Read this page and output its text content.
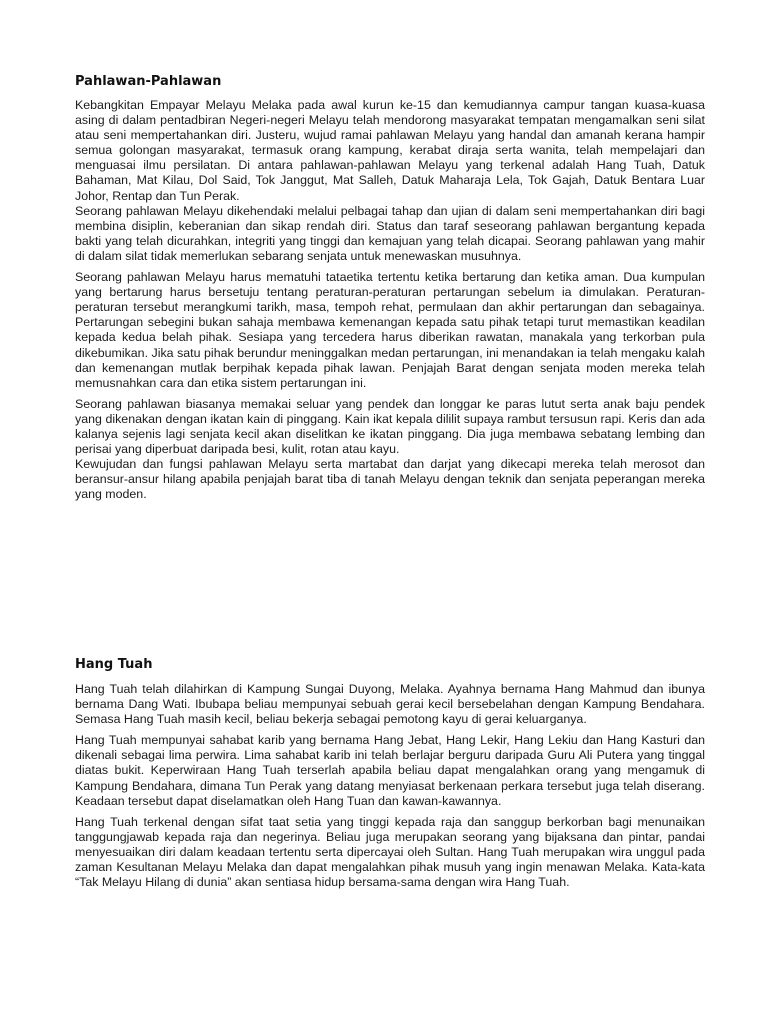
Pahlawan-Pahlawan

Kebangkitan Empayar Melayu Melaka pada awal kurun ke-15 dan kemudiannya campur tangan kuasa-kuasa asing di dalam pentadbiran Negeri-negeri Melayu telah mendorong masyarakat tempatan mengamalkan seni silat atau seni mempertahankan diri. Justeru, wujud ramai pahlawan Melayu yang handal dan amanah kerana hampir semua golongan masyarakat, termasuk orang kampung, kerabat diraja serta wanita, telah mempelajari dan menguasai ilmu persilatan. Di antara pahlawan-pahlawan Melayu yang terkenal adalah Hang Tuah, Datuk Bahaman, Mat Kilau, Dol Said, Tok Janggut, Mat Salleh, Datuk Maharaja Lela, Tok Gajah, Datuk Bentara Luar Johor, Rentap dan Tun Perak.

Seorang pahlawan Melayu dikehendaki melalui pelbagai tahap dan ujian di dalam seni mempertahankan diri bagi membina disiplin, keberanian dan sikap rendah diri. Status dan taraf seseorang pahlawan bergantung kepada bakti yang telah dicurahkan, integriti yang tinggi dan kemajuan yang telah dicapai. Seorang pahlawan yang mahir di dalam silat tidak memerlukan sebarang senjata untuk menewaskan musuhnya.

Seorang pahlawan Melayu harus mematuhi tataetika tertentu ketika bertarung dan ketika aman. Dua kumpulan yang bertarung harus bersetuju tentang peraturan-peraturan pertarungan sebelum ia dimulakan. Peraturan-peraturan tersebut merangkumi tarikh, masa, tempoh rehat, permulaan dan akhir pertarungan dan sebagainya. Pertarungan sebegini bukan sahaja membawa kemenangan kepada satu pihak tetapi turut memastikan keadilan kepada kedua belah pihak. Sesiapa yang tercedera harus diberikan rawatan, manakala yang terkorban pula dikebumikan. Jika satu pihak berundur meninggalkan medan pertarungan, ini menandakan ia telah mengaku kalah dan kemenangan mutlak berpihak kepada pihak lawan. Penjajah Barat dengan senjata moden mereka telah memusnahkan cara dan etika sistem pertarungan ini.

Seorang pahlawan biasanya memakai seluar yang pendek dan longgar ke paras lutut serta anak baju pendek yang dikenakan dengan ikatan kain di pinggang. Kain ikat kepala dililit supaya rambut tersusun rapi. Keris dan ada kalanya sejenis lagi senjata kecil akan diselitkan ke ikatan pinggang. Dia juga membawa sebatang lembing dan perisai yang diperbuat daripada besi, kulit, rotan atau kayu.

Kewujudan dan fungsi pahlawan Melayu serta martabat dan darjat yang dikecapi mereka telah merosot dan beransur-ansur hilang apabila penjajah barat tiba di tanah Melayu dengan teknik dan senjata peperangan mereka yang moden.

Hang Tuah

Hang Tuah telah dilahirkan di Kampung Sungai Duyong, Melaka. Ayahnya bernama Hang Mahmud dan ibunya bernama Dang Wati. Ibubapa beliau mempunyai sebuah gerai kecil bersebelahan dengan Kampung Bendahara. Semasa Hang Tuah masih kecil, beliau bekerja sebagai pemotong kayu di gerai keluarganya.

Hang Tuah mempunyai sahabat karib yang bernama Hang Jebat, Hang Lekir, Hang Lekiu dan Hang Kasturi dan dikenali sebagai lima perwira. Lima sahabat karib ini telah berlajar berguru daripada Guru Ali Putera yang tinggal diatas bukit. Keperwiraan Hang Tuah terserlah apabila beliau dapat mengalahkan orang yang mengamuk di Kampung Bendahara, dimana Tun Perak yang datang menyiasat berkenaan perkara tersebut juga telah diserang. Keadaan tersebut dapat diselamatkan oleh Hang Tuan dan kawan-kawannya.

Hang Tuah terkenal dengan sifat taat setia yang tinggi kepada raja dan sanggup berkorban bagi menunaikan tanggungjawab kepada raja dan negerinya. Beliau juga merupakan seorang yang bijaksana dan pintar, pandai menyesuaikan diri dalam keadaan tertentu serta dipercayai oleh Sultan. Hang Tuah merupakan wira unggul pada zaman Kesultanan Melayu Melaka dan dapat mengalahkan pihak musuh yang ingin menawan Melaka. Kata-kata “Tak Melayu Hilang di dunia” akan sentiasa hidup bersama-sama dengan wira Hang Tuah.
